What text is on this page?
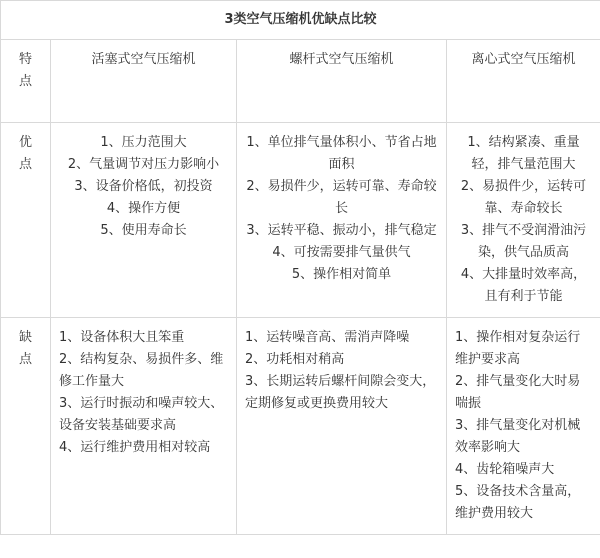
3类空气压缩机优缺点比较			

特
点	活塞式空气压缩机	螺杆式空气压缩机	离心式空气压缩机

优
点	1、压力范围大
2、气量调节对压力影响小
3、设备价格低，初投资
4、操作方便
5、使用寿命长	1、单位排气量体积小、节省占地面积
2、易损件少，运转可靠、寿命较长
3、运转平稳、振动小，排气稳定
4、可按需要排气量供气
5、操作相对简单	1、结构紧凑、重量轻，排气量范围大
2、易损件少，运转可靠、寿命较长
3、排气不受润滑油污染，供气品质高
4、大排量时效率高，且有利于节能

缺
点	1、设备体积大且笨重
2、结构复杂、易损件多、维修工作量大
3、运行时振动和噪声较大、设备安装基础要求高
4、运行维护费用相对较高	1、运转噪音高、需消声降噪
2、功耗相对稍高
3、长期运转后螺杆间隙会变大，定期修复或更换费用较大	1、操作相对复杂运行维护要求高
2、排气量变化大时易喘振
3、排气量变化对机械效率影响大
4、齿轮箱噪声大
5、设备技术含量高，维护费用较大
